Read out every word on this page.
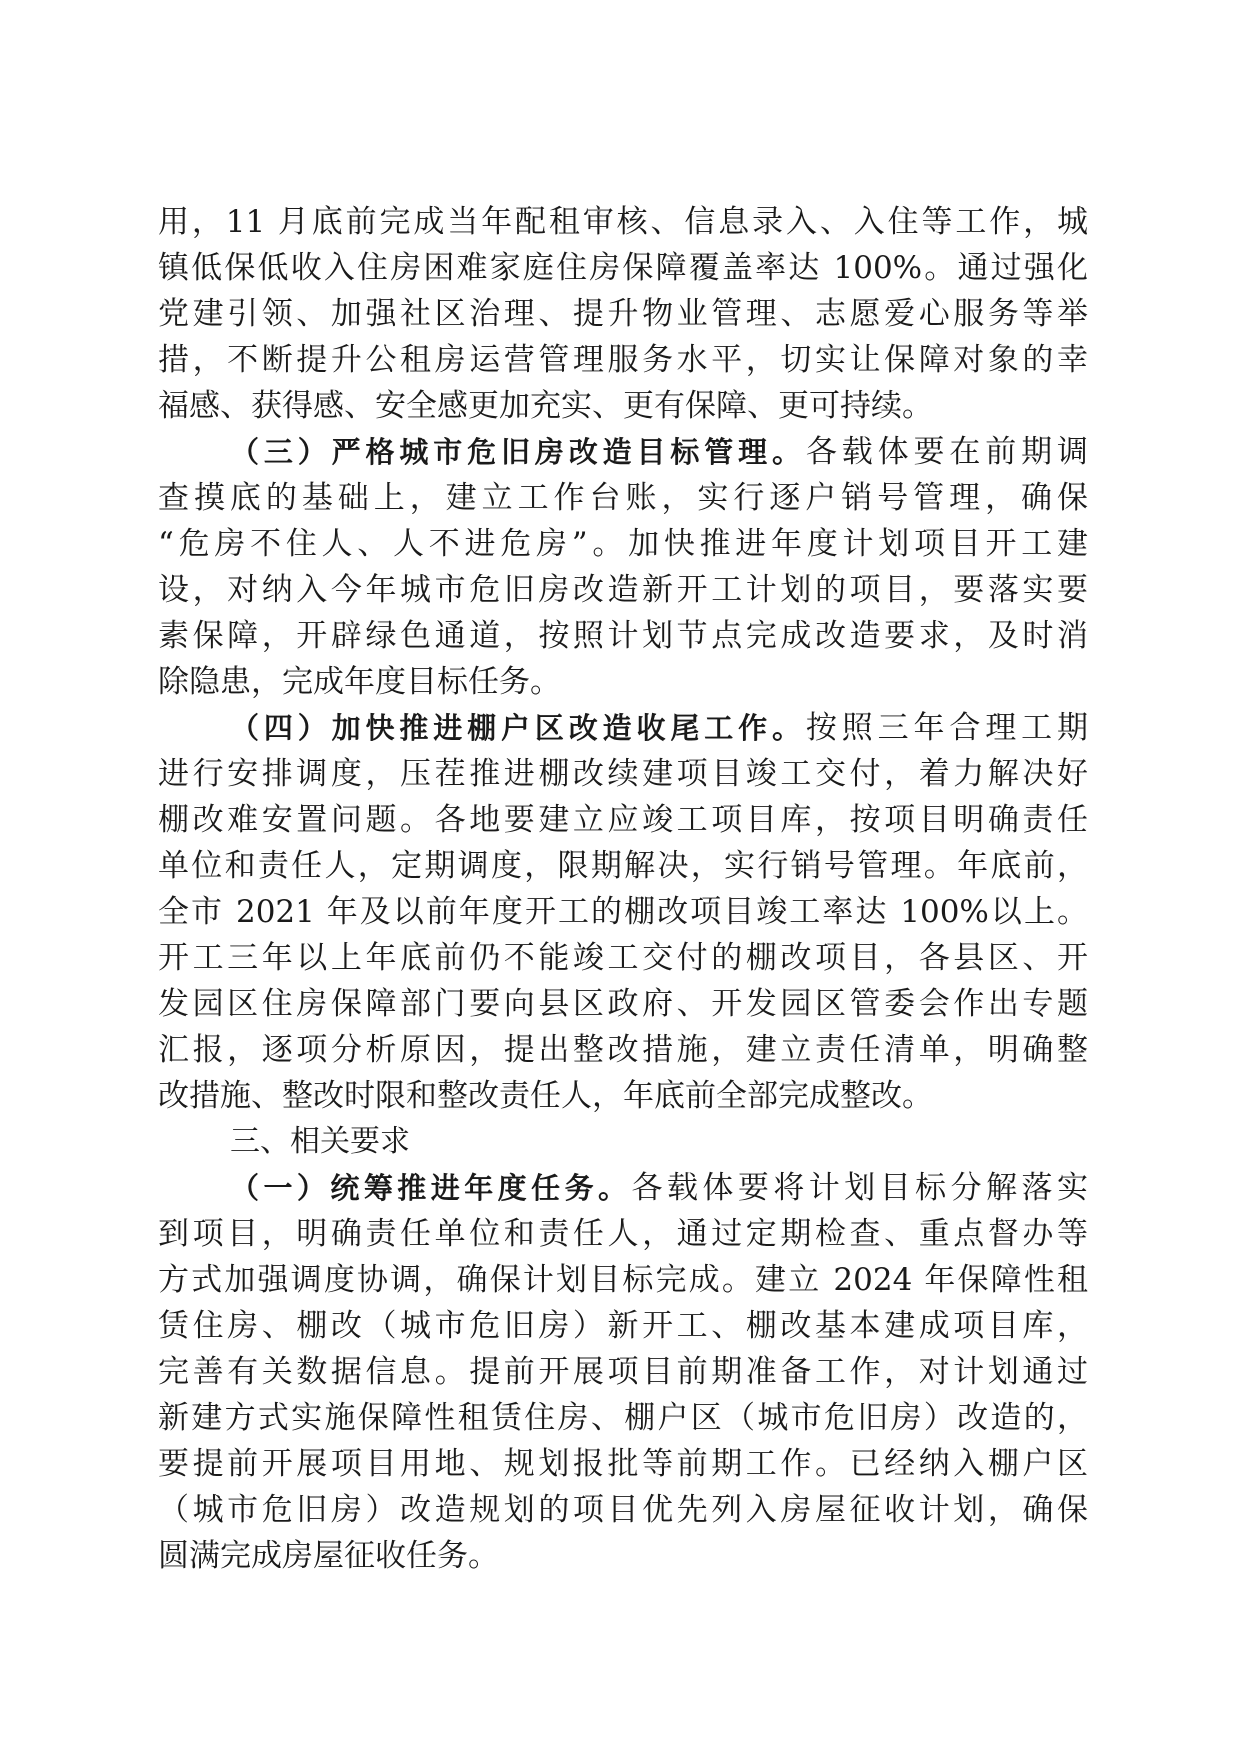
用，11 月底前完成当年配租审核、信息录入、入住等工作，城
镇低保低收入住房困难家庭住房保障覆盖率达 100%。通过强化
党建引领、加强社区治理、提升物业管理、志愿爱心服务等举
措，不断提升公租房运营管理服务水平，切实让保障对象的幸
福感、获得感、安全感更加充实、更有保障、更可持续。
（三）严格城市危旧房改造目标管理。各载体要在前期调
查摸底的基础上，建立工作台账，实行逐户销号管理，确保
“危房不住人、人不进危房”。加快推进年度计划项目开工建
设，对纳入今年城市危旧房改造新开工计划的项目，要落实要
素保障，开辟绿色通道，按照计划节点完成改造要求，及时消
除隐患，完成年度目标任务。
（四）加快推进棚户区改造收尾工作。按照三年合理工期
进行安排调度，压茬推进棚改续建项目竣工交付，着力解决好
棚改难安置问题。各地要建立应竣工项目库，按项目明确责任
单位和责任人，定期调度，限期解决，实行销号管理。年底前，
全市 2021 年及以前年度开工的棚改项目竣工率达 100%以上。
开工三年以上年底前仍不能竣工交付的棚改项目，各县区、开
发园区住房保障部门要向县区政府、开发园区管委会作出专题
汇报，逐项分析原因，提出整改措施，建立责任清单，明确整
改措施、整改时限和整改责任人，年底前全部完成整改。
三、相关要求
（一）统筹推进年度任务。各载体要将计划目标分解落实
到项目，明确责任单位和责任人，通过定期检查、重点督办等
方式加强调度协调，确保计划目标完成。建立 2024 年保障性租
赁住房、棚改（城市危旧房）新开工、棚改基本建成项目库，
完善有关数据信息。提前开展项目前期准备工作，对计划通过
新建方式实施保障性租赁住房、棚户区（城市危旧房）改造的，
要提前开展项目用地、规划报批等前期工作。已经纳入棚户区
（城市危旧房）改造规划的项目优先列入房屋征收计划，确保
圆满完成房屋征收任务。
